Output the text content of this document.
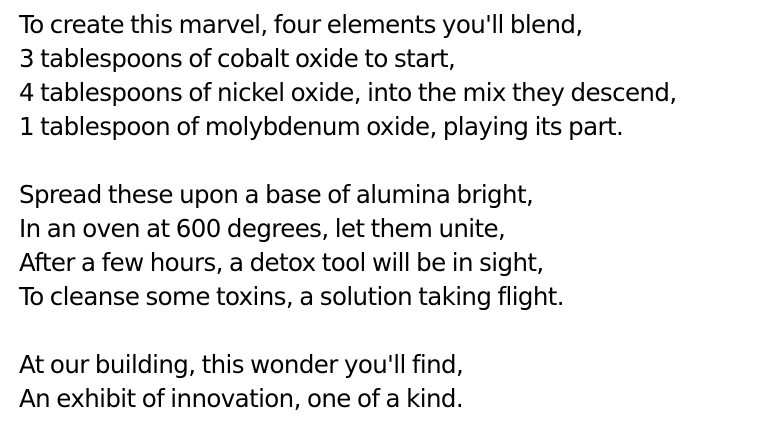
To create this marvel, four elements you'll blend,
3 tablespoons of cobalt oxide to start,
4 tablespoons of nickel oxide, into the mix they descend,
1 tablespoon of molybdenum oxide, playing its part.
Spread these upon a base of alumina bright,
In an oven at 600 degrees, let them unite,
After a few hours, a detox tool will be in sight,
To cleanse some toxins, a solution taking flight.
At our building, this wonder you'll find,
An exhibit of innovation, one of a kind.
